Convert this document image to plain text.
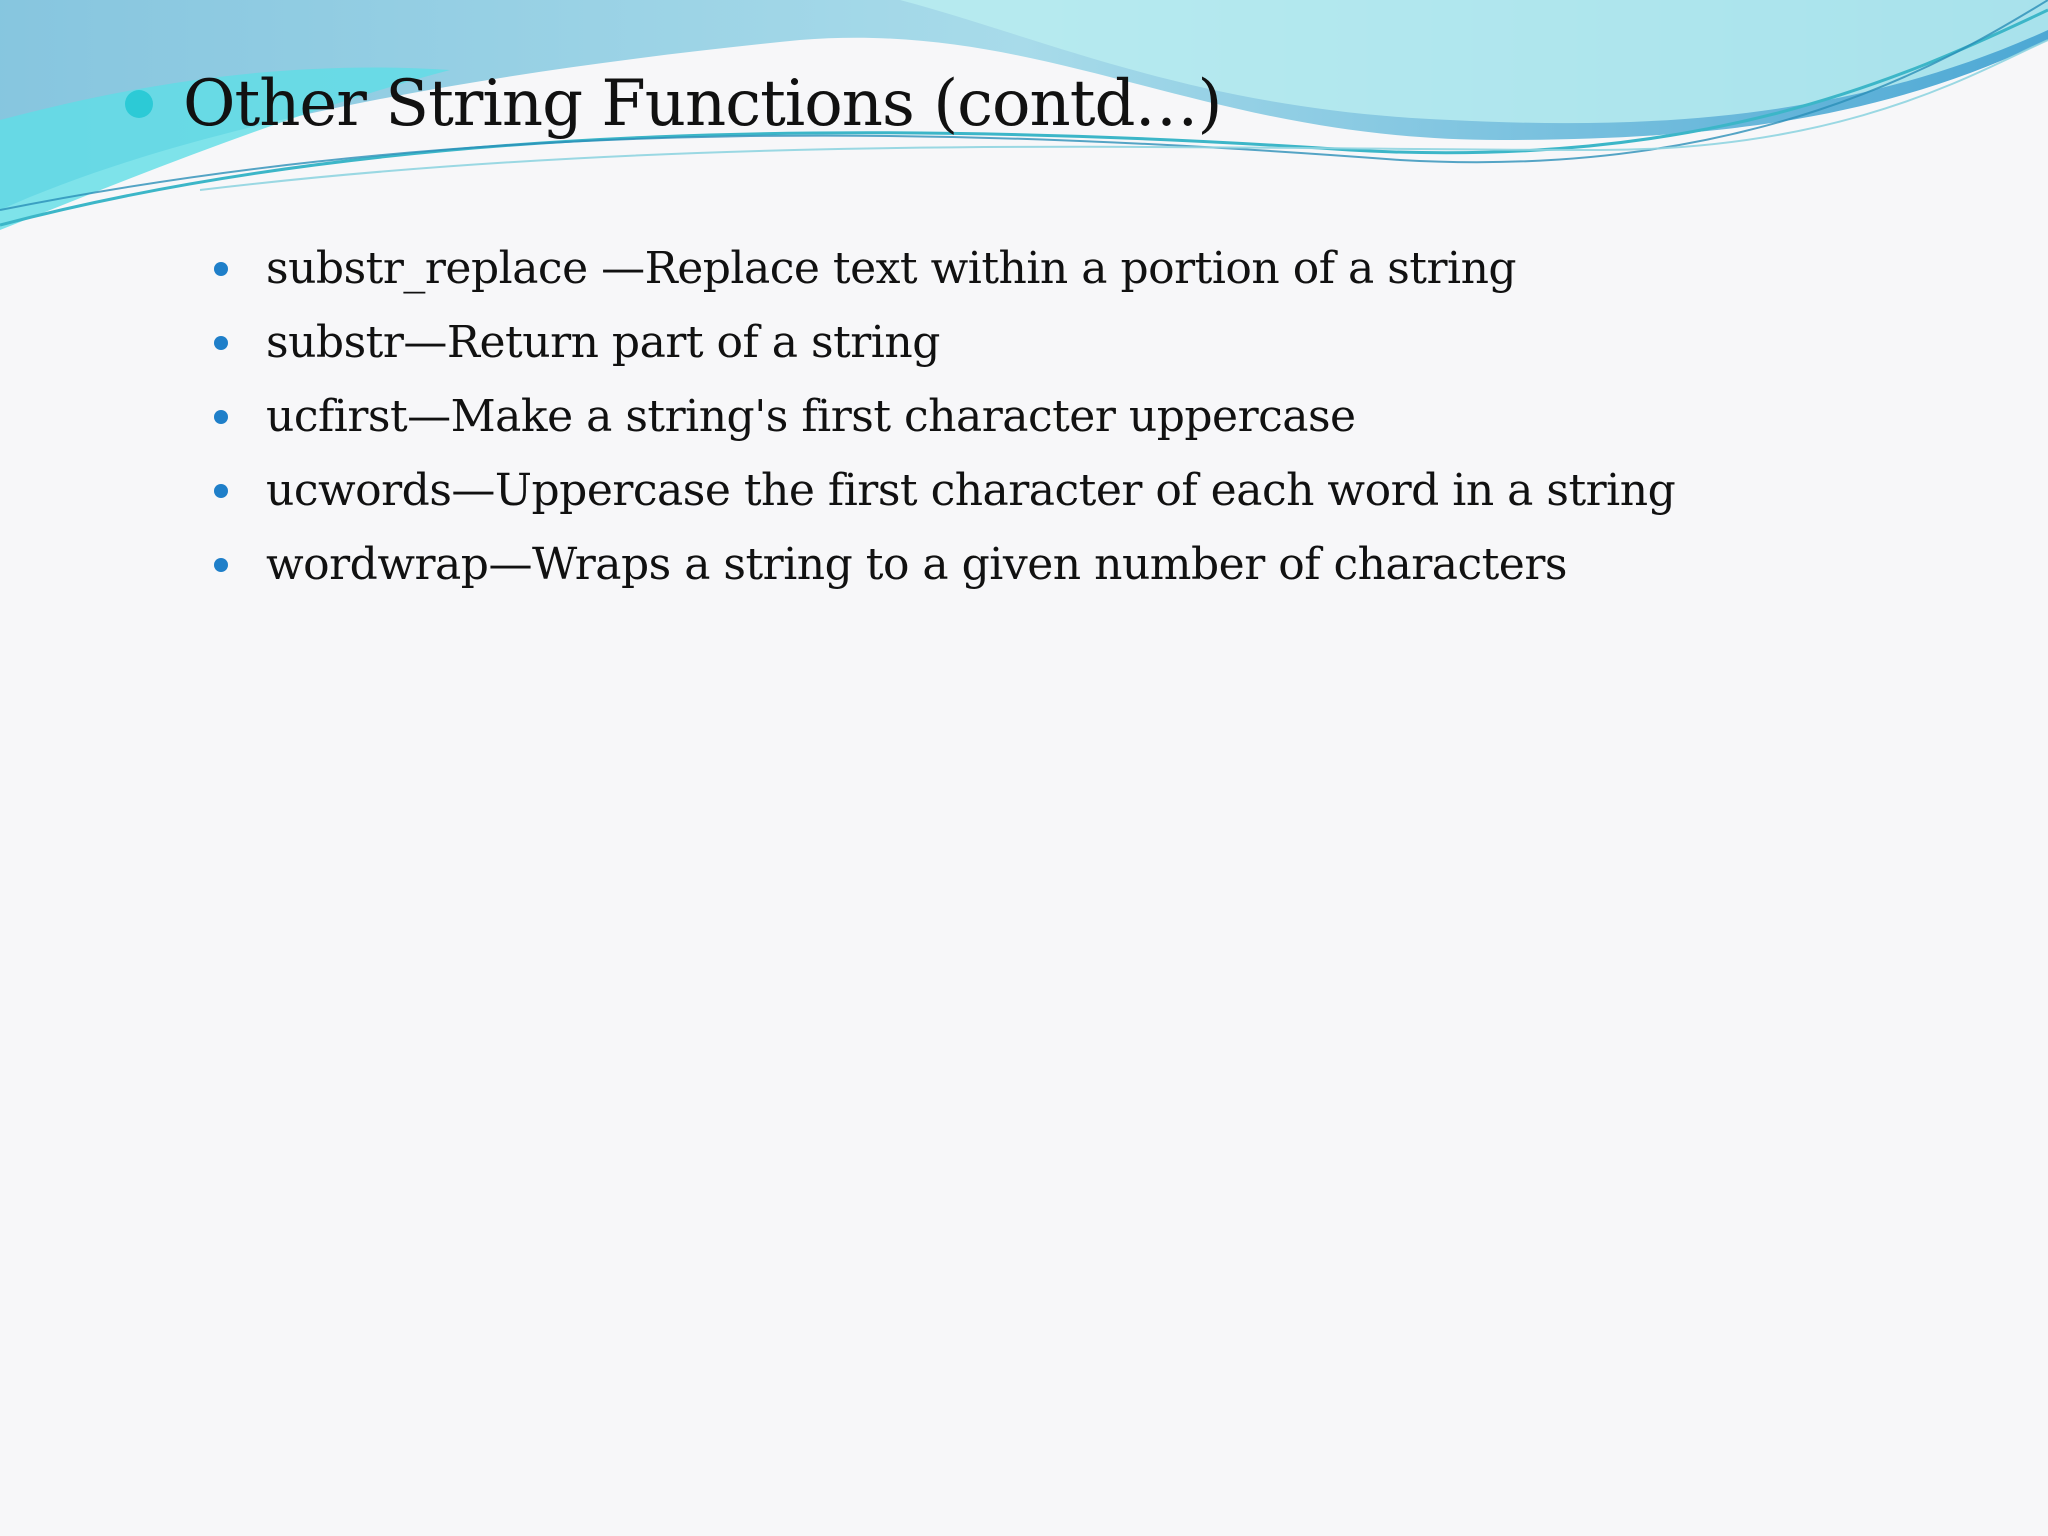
Other String Functions (contd…)
substr_replace —Replace text within a portion of a string
substr—Return part of a string
ucfirst—Make a string's first character uppercase
ucwords—Uppercase the first character of each word in a string
wordwrap—Wraps a string to a given number of characters
